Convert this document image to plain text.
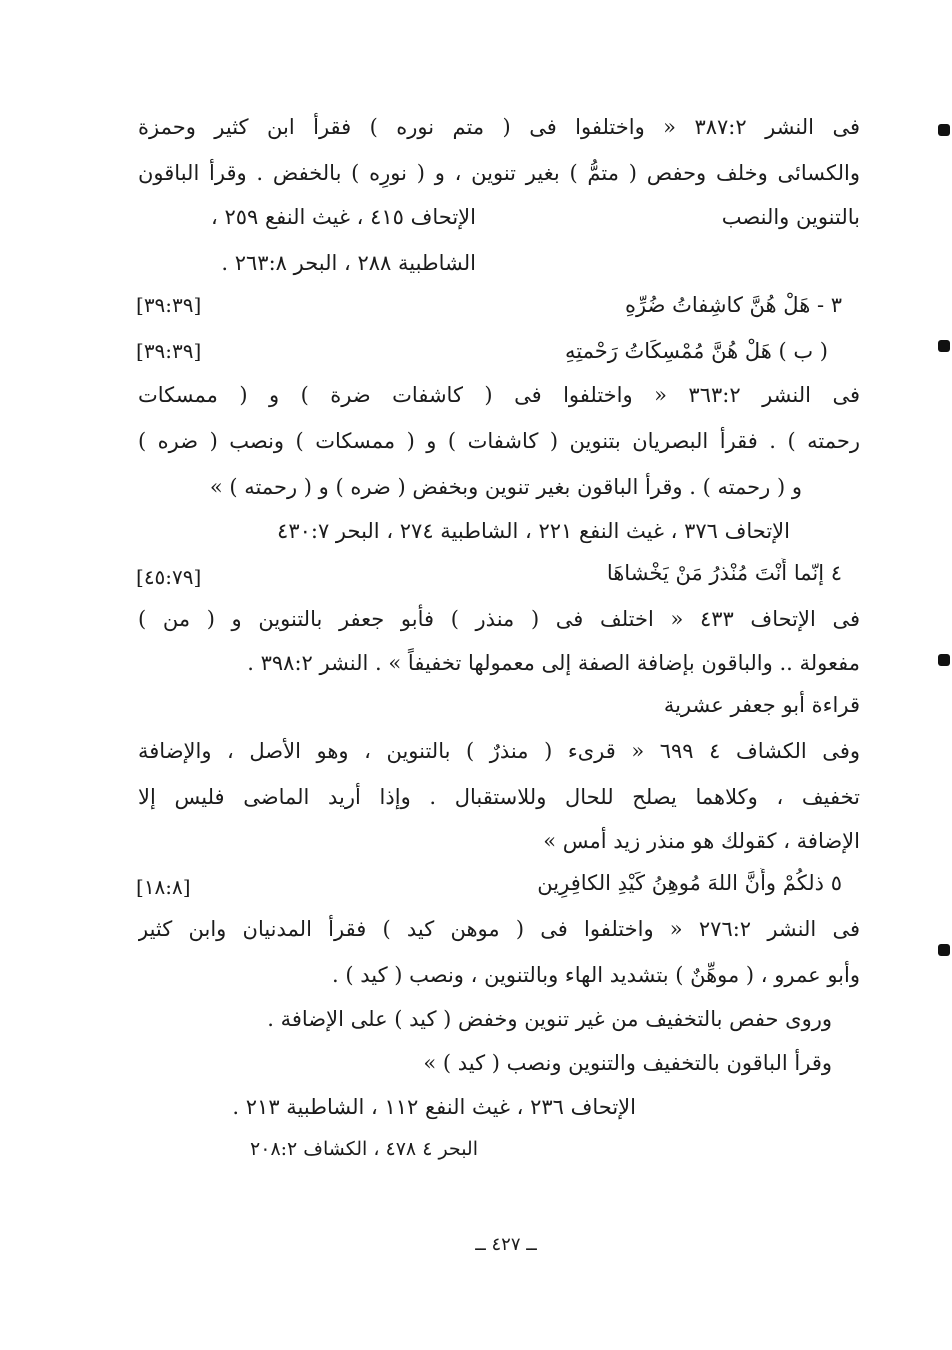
فى النشر ٣٨٧:٢ « واختلفوا فى ( متم نوره ) فقرأ ابن كثير وحمزة
والكسائى وخلف وحفص ( متمُّ ) بغير تنوين ، و ( نورِه ) بالخفض . وقرأ الباقون
الإتحاف ٤١٥ ، غيث النفع ٢٥٩ ،	بالتنوين والنصب
الشاطبية ٢٨٨ ، البحر ٢٦٣:٨ .
٣ - هَلْ هُنَّ كاشِفاتُ ضُرِّهِ
[٣٩:٣٩]
( ب ) هَلْ هُنَّ مُمْسِكَاتُ رَحْمتِهِ
[٣٩:٣٩]
فى النشر ٣٦٣:٢ « واختلفوا فى ( كاشفات ضرة ) و ( ممسكات
رحمته ) . فقرأ البصريان بتنوين ( كاشفات ) و ( ممسكات ) ونصب ( ضره )
و ( رحمته ) . وقرأ الباقون بغير تنوين وبخفض ( ضره ) و ( رحمته ) »
الإتحاف ٣٧٦ ، غيث النفع ٢٢١ ، الشاطبية ٢٧٤ ، البحر ٤٣٠:٧
٤ إنّما أَنْتَ مُنْذرُ مَنْ يَخْشاهَا
[٤٥:٧٩]
فى الإتحاف ٤٣٣ « اختلف فى ( منذر ) فأبو جعفر بالتنوين و ( من )
مفعولة .. والباقون بإضافة الصفة إلى معمولها تخفيفاً » . النشر ٣٩٨:٢ .
قراءة أبو جعفر عشرية
وفى الكشاف ٤ ٦٩٩ « قرىء ( منذرٌ ) بالتنوين ، وهو الأصل ، والإضافة
تخفيف ، وكلاهما يصلح للحال وللاستقبال . وإذا أريد الماضى فليس إلا
الإضافة ، كقولك هو منذر زيد أمس »
٥ ذلكُمْ وأَنَّ اللهَ مُوهِنُ كَيْدِ الكافِرِين
[١٨:٨]
فى النشر ٢٧٦:٢ « واختلفوا فى ( موهن كيد ) فقرأ المدنيان وابن كثير
وأبو عمرو ، ( موهِّنٌ ) بتشديد الهاء وبالتنوين ، ونصب ( كيد ) .
وروى حفص بالتخفيف من غير تنوين وخفض ( كيد ) على الإضافة .
وقرأ الباقون بالتخفيف والتنوين ونصب ( كيد ) »
الإتحاف ٢٣٦ ، غيث النفع ١١٢ ، الشاطبية ٢١٣ .
البحر ٤ ٤٧٨ ، الكشاف ٢٠٨:٢
ــ ٤٢٧ ــ
